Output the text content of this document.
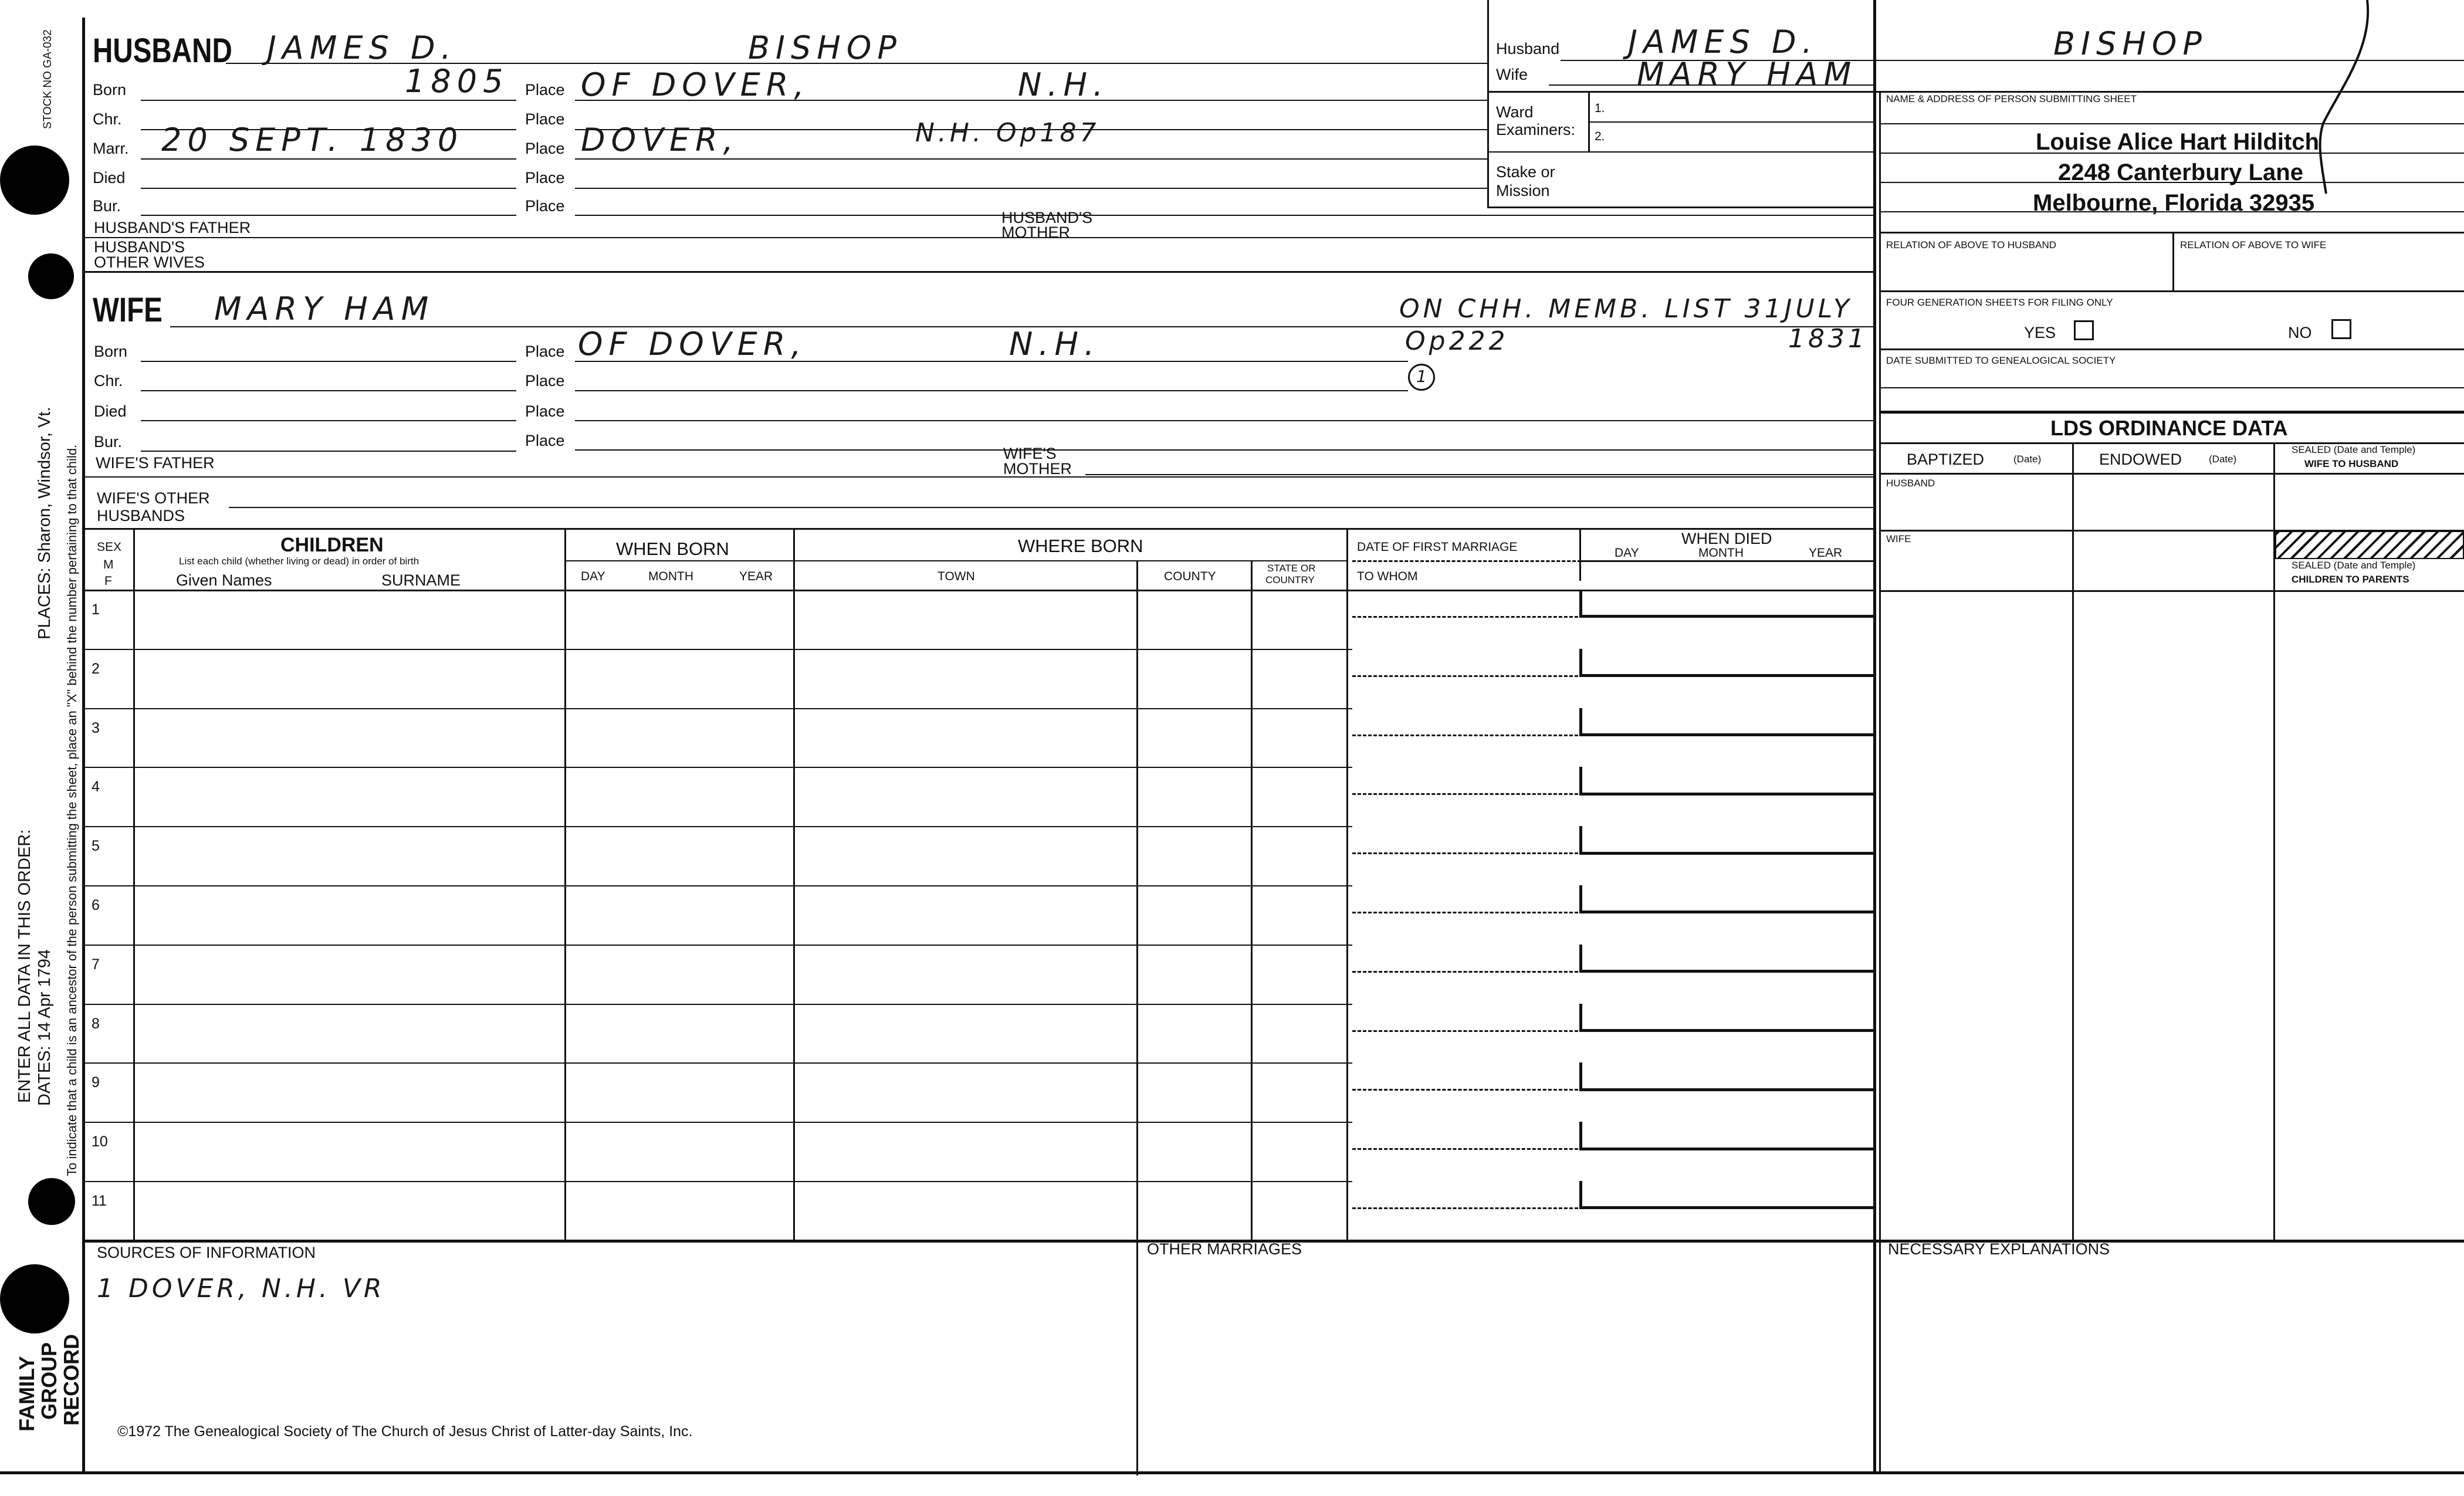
STOCK NO GA-032
PLACES: Sharon, Windsor, Vt.
ENTER ALL DATA IN THIS ORDER: DATES: 14 Apr 1794 To indicate that a child is an ancestor of the person submitting the sheet, place an "X" behind the number pertaining to that child.
FAMILY
GROUP
RECORD
HUSBAND JAMES D.	BISHOP
Born	1805 Place OF DOVER,	N.H.
Chr.	Place
Marr. 20 SEPT. 1830	Place DOVER,	N.H. Op187
Died	Place
Bur.	Place
HUSBAND'S FATHER
HUSBAND'S
MOTHER
HUSBAND'S
OTHER WIVES
WIFE MARY HAM	ON CHH. MEMB. LIST 31JULY
Born	Place OF DOVER,	N.H.	Op222	1831
1
Chr.	Place
Died	Place
Bur.	Place
WIFE'S FATHER
WIFE'S
MOTHER
WIFE'S OTHER
HUSBANDS
Husband JAMES D.	BISHOP
Wife	MARY HAM
Ward
Examiners:
1.
2.
Stake or
Mission
NAME & ADDRESS OF PERSON SUBMITTING SHEET
Louise Alice Hart Hilditch
2248 Canterbury Lane
Melbourne, Florida 32935
RELATION OF ABOVE TO HUSBAND	RELATION OF ABOVE TO WIFE
FOUR GENERATION SHEETS FOR FILING ONLY
YES	NO
DATE SUBMITTED TO GENEALOGICAL SOCIETY
LDS ORDINANCE DATA
BAPTIZED	(Date)	ENDOWED	(Date)
SEALED (Date and Temple)
WIFE TO HUSBAND
HUSBAND
WIFE
SEALED (Date and Temple)
CHILDREN TO PARENTS
SEX
M
F
CHILDREN
List each child (whether living or dead) in order of birth
Given Names	SURNAME
WHEN BORN
DAY	MONTH	YEAR
WHERE BORN
TOWN	COUNTY
STATE OR
COUNTRY
DATE OF FIRST MARRIAGE
TO WHOM
WHEN DIED
DAY	MONTH	YEAR
1
2
3
4
5
6
7
8
9
10
11
SOURCES OF INFORMATION
1 DOVER, N.H. VR
OTHER MARRIAGES	NECESSARY EXPLANATIONS
©1972 The Genealogical Society of The Church of Jesus Christ of Latter-day Saints, Inc.
